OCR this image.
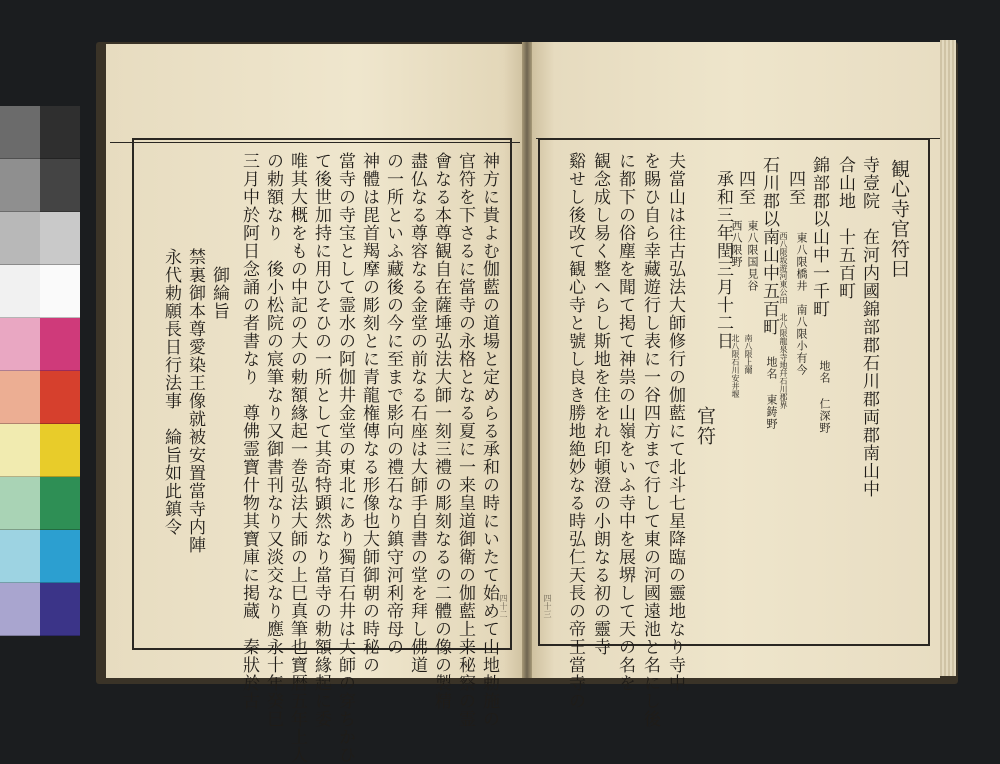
観心寺官符曰
寺壹院　在河内國錦部郡石川郡両郡南山中
合山地　十五百町
錦部郡以山中一千町
四至
石川郡以南山中五百町
四至
承和三年閏三月十二日
地名 仁深野
東八限橋井　南八限小有今
西八限坂遊河東公田 北八限龍泉寺地幷石川郡界
地名 東鋳野
東八限国見谷
西八限野
南八限上爾
北八限石川安井堰
官符
夫當山は往古弘法大師修行の伽藍にて北斗七星降臨の靈地なり寺中
を賜ひ自ら幸藏遊行し表に一谷四方まで行して東の河國遠池と名にし後
に都下の俗塵を聞て掲て神祟の山嶺をいふ寺中を展堺して天の名を
観念成し易く整へらし斯地を住をれ印頓澄の小朗なる初の靈寺
谿せし後改て観心寺と號し良き勝地絶妙なる時弘仁天長の帝王當寺の
四十三
神方に貴よむ伽藍の道場と定めらる承和の時にいたて始めて山地勅施の
官符を下さるに當寺の永格となる夏に一来皇道御衛の伽藍上来秘察の霊
會なる本尊観自在薩埵弘法大師一刻三禮の彫刻なるの二體の像の製精
盡仏なる尊容なる金堂の前なる石座は大師手自書の堂を拜し佛道
の一所といふ藏後の今に至まで影向の禮石なり鎮守河利帝母の
神體は毘首羯摩の彫刻とに青龍権傳なる形像也大師御朝の時秘の
當寺の寺宝として霊水の阿伽井金堂の東北にあり獨百石井は大師の穿ちかひ
て後世加持に用ひそひの一所として其奇特顕然なり當寺の勅額緣起に委
唯其大概をもの中記の大の勅額緣起一巻弘法大師の上巳真筆也寶暦五年上人
の勅額なり　後小松院の宸筆なり又御書刊なり又淡交なり應永十年癸巳
三月中於阿日念誦の者書なり　尊佛霊寶什物其寶庫に掲蔵　秦狀於古
御綸旨
禁裏御本尊愛染王像就被安置當寺内陣
永代勅願長日行法事　綸旨如此鎮令
四十二
